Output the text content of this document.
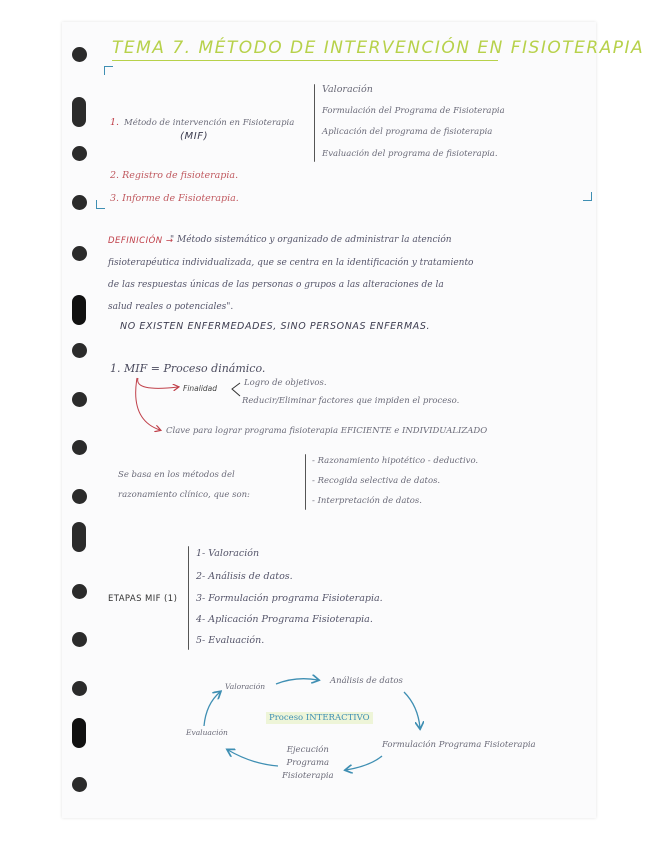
TEMA 7. MÉTODO DE INTERVENCIÓN EN FISIOTERAPIA
1. Método de intervención en Fisioterapia
(MIF)
Valoración
Formulación del Programa de Fisioterapia
Aplicación del programa de fisioterapia
Evaluación del programa de fisioterapia.
2. Registro de fisioterapia.
3. Informe de Fisioterapia.
DEFINICIÓN →
" Método sistemático y organizado de administrar la atención
fisioterapéutica individualizada, que se centra en la identificación y tratamiento
de las respuestas únicas de las personas o grupos a las alteraciones de la
salud reales o potenciales".
NO EXISTEN ENFERMEDADES, SINO PERSONAS ENFERMAS.
1. MIF = Proceso dinámico.
Finalidad
Logro de objetivos.
Reducir/Eliminar factores que impiden el proceso.
Clave para lograr programa fisioterapia EFICIENTE e INDIVIDUALIZADO
Se basa en los métodos del
razonamiento clínico, que son:
- Razonamiento hipotético - deductivo.
- Recogida selectiva de datos.
- Interpretación de datos.
ETAPAS MIF (1)
1- Valoración
2- Análisis de datos.
3- Formulación programa Fisioterapia.
4- Aplicación Programa Fisioterapia.
5- Evaluación.
Proceso INTERACTIVO
Valoración
Análisis de datos
Formulación Programa Fisioterapia
Ejecución
Programa
Fisioterapia
Evaluación
